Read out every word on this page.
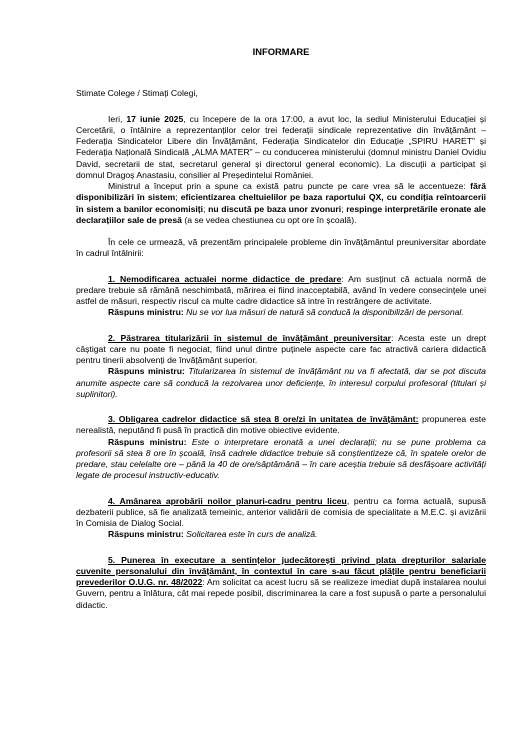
INFORMARE

Stimate Colege / Stimați Colegi,

Ieri, 17 iunie 2025, cu începere de la ora 17:00, a avut loc, la sediul Ministerului Educației și Cercetării, o întâlnire a reprezentanților celor trei federații sindicale reprezentative din învățământ – Federația Sindicatelor Libere din Învățământ, Federația Sindicatelor din Educație „SPIRU HARET” și Federația Națională Sindicală „ALMA MATER” – cu conducerea ministerului (domnul ministru Daniel Ovidiu David, secretarii de stat, secretarul general și directorul general economic). La discuții a participat și domnul Dragoș Anastasiu, consilier al Președintelui României.

Ministrul a început prin a spune ca există patru puncte pe care vrea să le accentueze: fără disponibilizări în sistem; eficientizarea cheltuielilor pe baza raportului QX, cu condiția reîntoarcerii în sistem a banilor economisiți; nu discută pe baza unor zvonuri; respinge interpretările eronate ale declarațiilor sale de presă (a se vedea chestiunea cu opt ore în școală).

În cele ce urmează, vă prezentăm principalele probleme din învățământul preuniversitar abordate în cadrul întâlnirii:

1. Nemodificarea actualei norme didactice de predare: Am susținut că actuala normă de predare trebuie să rămână neschimbată, mărirea ei fiind inacceptabilă, având în vedere consecințele unei astfel de măsuri, respectiv riscul ca multe cadre didactice să intre în restrângere de activitate.

Răspuns ministru: Nu se vor lua măsuri de natură să conducă la disponibilizări de personal.

2. Păstrarea titularizării în sistemul de învățământ preuniversitar: Acesta este un drept câștigat care nu poate fi negociat, fiind unul dintre puținele aspecte care fac atractivă cariera didactică pentru tinerii absolvenți de învățământ superior.

Răspuns ministru: Titularizarea în sistemul de învățământ nu va fi afectată, dar se pot discuta anumite aspecte care să conducă la rezolvarea unor deficiențe, în interesul corpului profesoral (titulari și suplinitori).

3. Obligarea cadrelor didactice să stea 8 ore/zi în unitatea de învățământ: propunerea este nerealistă, neputând fi pusă în practică din motive obiective evidente.

Răspuns ministru: Este o interpretare eronată a unei declarații; nu se pune problema ca profesorii să stea 8 ore în școală, însă cadrele didactice trebuie să conștientizeze că, în spatele orelor de predare, stau celelalte ore – până la 40 de ore/săptămână – în care aceștia trebuie să desfășoare activități legate de procesul instructiv-educativ.

4. Amânarea aprobării noilor planuri-cadru pentru liceu, pentru ca forma actuală, supusă dezbaterii publice, să fie analizată temeinic, anterior validării de comisia de specialitate a M.E.C. și avizării în Comisia de Dialog Social.

Răspuns ministru: Solicitarea este în curs de analiză.

5. Punerea în executare a sentințelor judecătorești privind plata drepturilor salariale cuvenite personalului din învățământ, în contextul în care s-au făcut plățile pentru beneficiarii prevederilor O.U.G. nr. 48/2022: Am solicitat ca acest lucru să se realizeze imediat după instalarea noului Guvern, pentru a înlătura, cât mai repede posibil, discriminarea la care a fost supusă o parte a personalului didactic.
